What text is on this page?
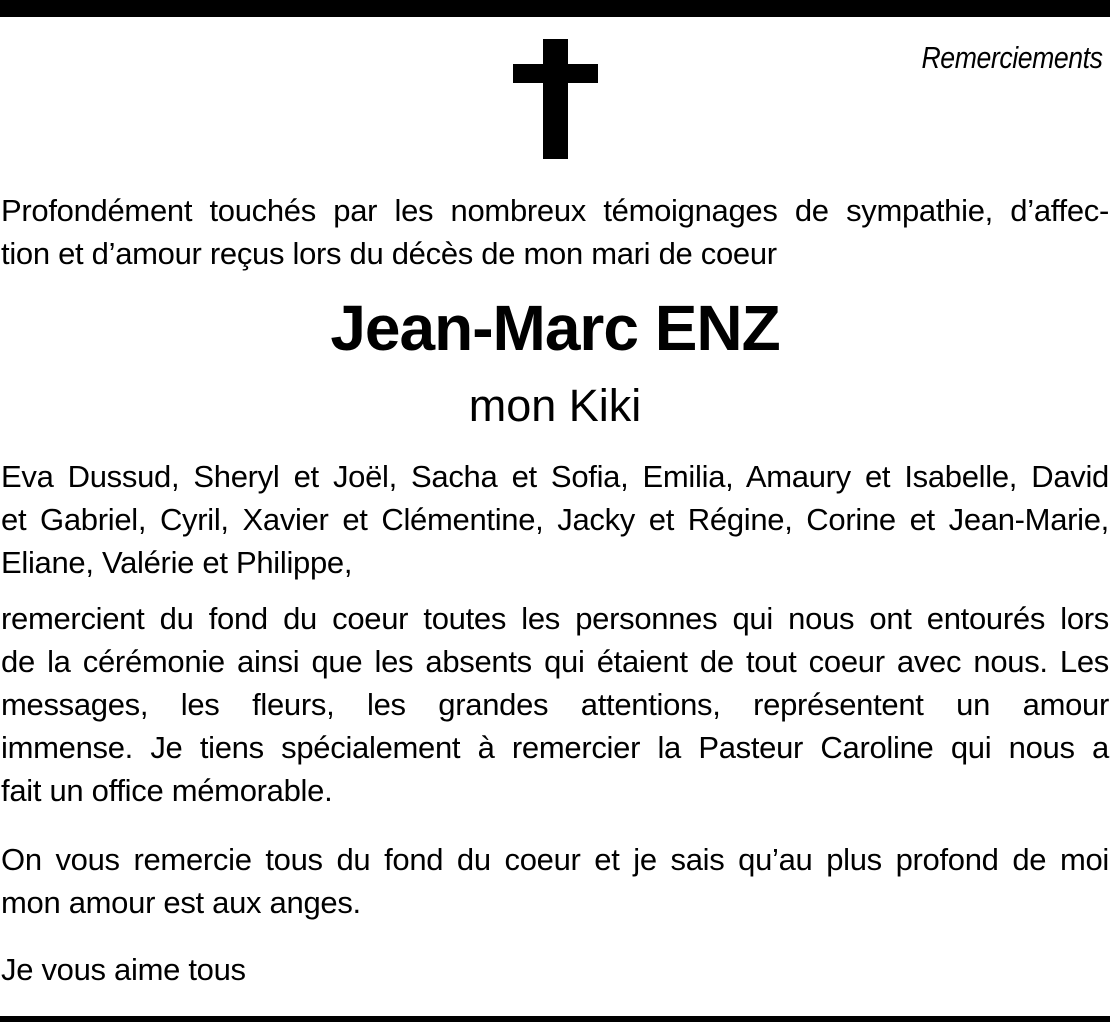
Remerciements
Profondément touchés par les nombreux témoignages de sympathie, d’affec-
tion et d’amour reçus lors du décès de mon mari de coeur
Jean-Marc ENZ
mon Kiki
Eva Dussud, Sheryl et Joël, Sacha et Sofia, Emilia, Amaury et Isabelle, David
et Gabriel, Cyril, Xavier et Clémentine, Jacky et Régine, Corine et Jean-Marie,
Eliane, Valérie et Philippe,
remercient du fond du coeur toutes les personnes qui nous ont entourés lors
de la cérémonie ainsi que les absents qui étaient de tout coeur avec nous. Les
messages, les fleurs, les grandes attentions, représentent un amour
immense. Je tiens spécialement à remercier la Pasteur Caroline qui nous a
fait un office mémorable.
On vous remercie tous du fond du coeur et je sais qu’au plus profond de moi
mon amour est aux anges.
Je vous aime tous
